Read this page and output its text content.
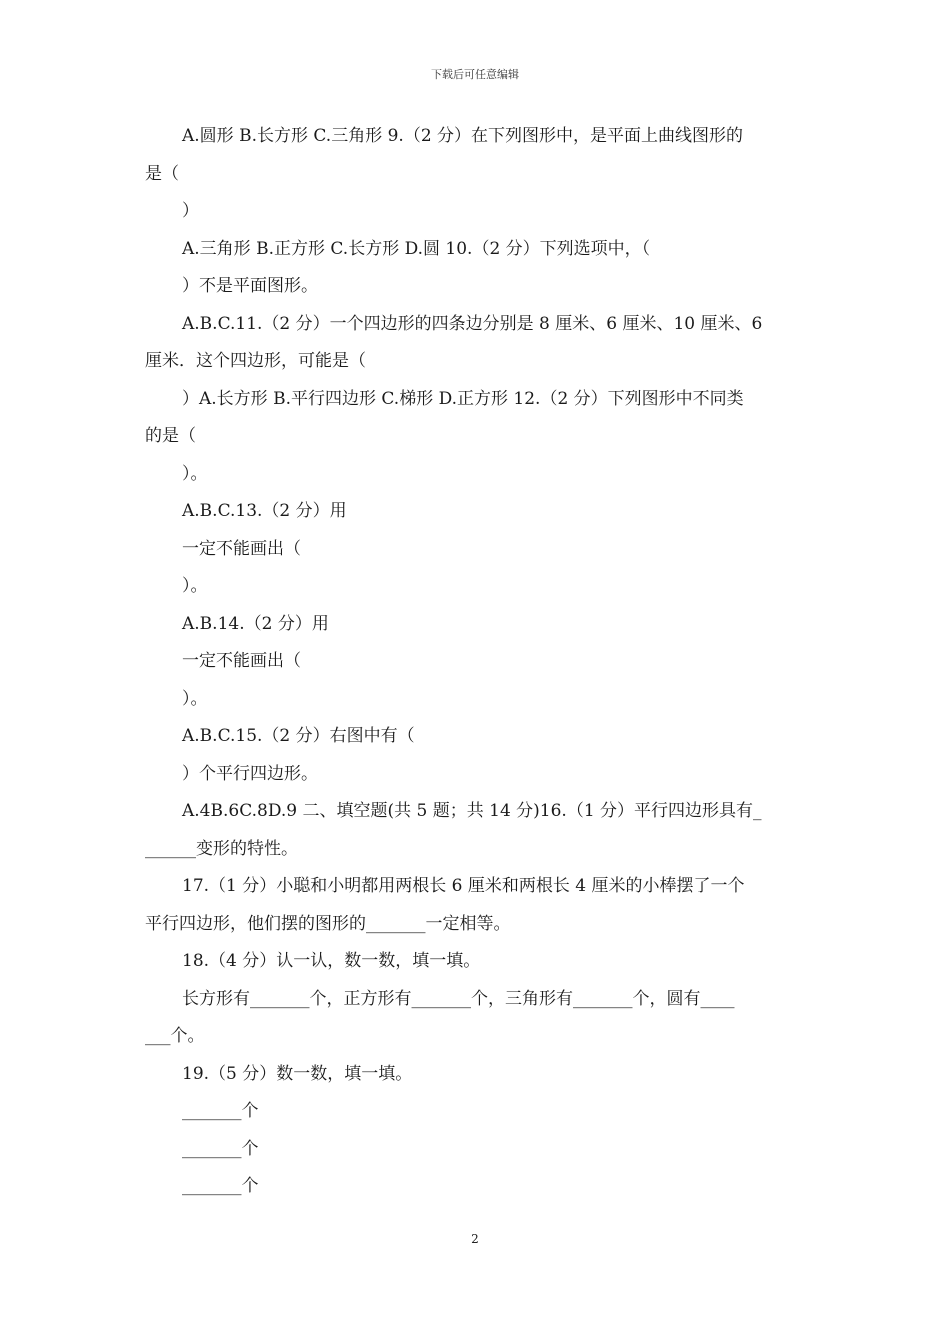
下载后可任意编辑
A.圆形 B.长方形 C.三角形 9.（2 分）在下列图形中，是平面上曲线图形的
是（
）
A.三角形 B.正方形 C.长方形 D.圆 10.（2 分）下列选项中，（
）不是平面图形。
A.B.C.11.（2 分）一个四边形的四条边分别是 8 厘米、6 厘米、10 厘米、6
厘米．这个四边形，可能是（
）A.长方形 B.平行四边形 C.梯形 D.正方形 12.（2 分）下列图形中不同类
的是（
）。
A.B.C.13.（2 分）用
一定不能画出（
）。
A.B.14.（2 分）用
一定不能画出（
）。
A.B.C.15.（2 分）右图中有（
）个平行四边形。
A.4B.6C.8D.9 二、填空题(共 5 题；共 14 分)16.（1 分）平行四边形具有_
______变形的特性。
17.（1 分）小聪和小明都用两根长 6 厘米和两根长 4 厘米的小棒摆了一个
平行四边形，他们摆的图形的_______一定相等。
18.（4 分）认一认，数一数，填一填。
长方形有_______个，正方形有_______个，三角形有_______个，圆有____
___个。
19.（5 分）数一数，填一填。
_______个
_______个
_______个
2
